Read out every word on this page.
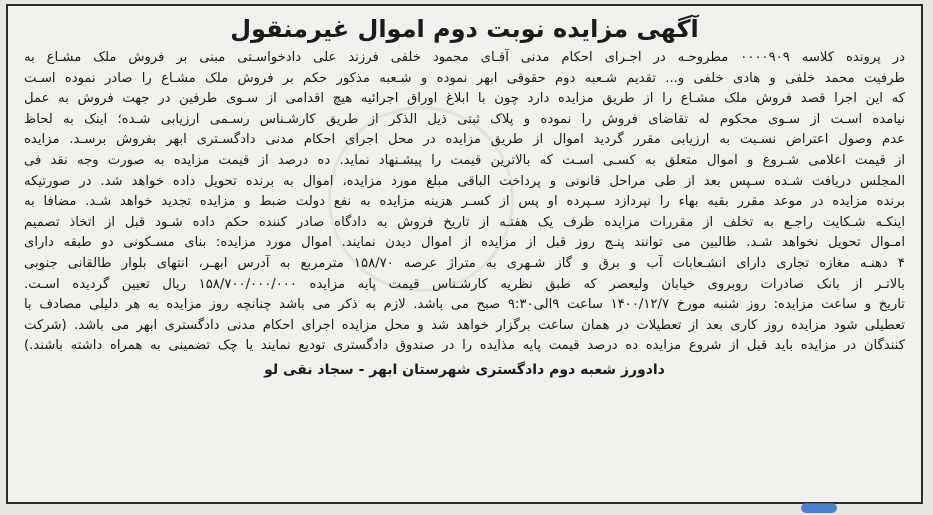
آگهی مزایده نوبت دوم اموال غیرمنقول
در پرونده کلاسه ۰۰۰۰۹۰۹ مطروحـه در اجـرای احکام مدنی آقـای محمود خلفی فرزند علی دادخواسـتی مبنی بر فروش ملک مشـاع به
طرفیت محمد خلفی و هادی خلفی و... تقدیم شـعبه دوم حقوقی ابهر نموده و شـعبه مذکور حکم بر فروش ملک مشـاع را صادر نموده اسـت
که این اجرا قصد فروش ملک مشـاع را از طریق مزایده دارد چون با ابلاغ اوراق اجرائیه هیچ اقدامی از سـوی طرفین در جهت فروش به عمل
نیامده اسـت از سـوی محکوم له تقاضای فروش را نموده و پلاک ثبتی ذیل الذکر از طریق کارشـناس رسـمی ارزیابی شـده؛ اینک به لحاظ
عدم وصول اعتراض نسـبت به ارزیابی مقرر گردید اموال از طریق مزایده در محل اجرای احکام مدنی دادگسـتری ابهر بفروش برسـد. مزایده
از قیمت اعلامی شـروع و اموال متعلق به کسـی اسـت که بالاترین قیمت را پیشـنهاد نماید. ده درصد از قیمت مزایده به صورت وجه نقد فی
المجلس دریافت شـده سـپس بعد از طی مراحل قانونی و پرداخت الباقی مبلغ مورد مزایده، اموال به برنده تحویل داده خواهد شد. در صورتیکه
برنده مزایده در موعد مقرر بقیه بهاء را نپردازد سـپرده او پس از کسـر هزینه مزایده به نفع دولت ضبط و مزایده تجدید خواهد شـد. مضافا به
اینکـه شـکایت راجـع به تخلف از مقررات مزایده ظرف یک هفتـه از تاریخ فروش به دادگاه صادر کننده حکم داده شـود قبل از اتخاذ تصمیم
امـوال تحویل نخواهد شـد. طالبین می توانند پنـج روز قبل از مزایده از اموال دیدن نمایند. اموال مورد مزایده: بنای مسـکونی دو طبقه دارای
۴ دهنـه مغازه تجاری دارای انشـعابات آب و برق و گاز شـهری به متراژ عرصه ۱۵۸/۷۰ مترمربع به آدرس ابهـر، انتهای بلوار طالقانی جنوبی
بالاتـر از بانک صادرات روبروی خیابان ولیعصر که طبق نظریه کارشـناس قیمت پایه مزایده ۱۵۸/۷۰۰/۰۰۰/۰۰۰ ریال تعیین گردیده اسـت.
تاریخ و ساعت مزایده: روز شنبه مورخ ۱۴۰۰/۱۲/۷ ساعت ۹الی۹:۳۰ صبح می باشد. لازم به ذکر می باشد چنانچه روز مزایده به هر دلیلی مصادف با
تعطیلی شود مزایده روز کاری بعد از تعطیلات در همان ساعت برگزار خواهد شد و محل مزایده اجرای احکام مدنی دادگستری ابهر می باشد. (شرکت
کنندگان در مزایده باید قبل از شروع مزایده ده درصد قیمت پایه مذایده را در صندوق دادگستری تودیع نمایند یا چک تضمینی به همراه داشته باشند.)
دادورز شعبه دوم دادگستری شهرستان ابهر - سجاد نقی لو
